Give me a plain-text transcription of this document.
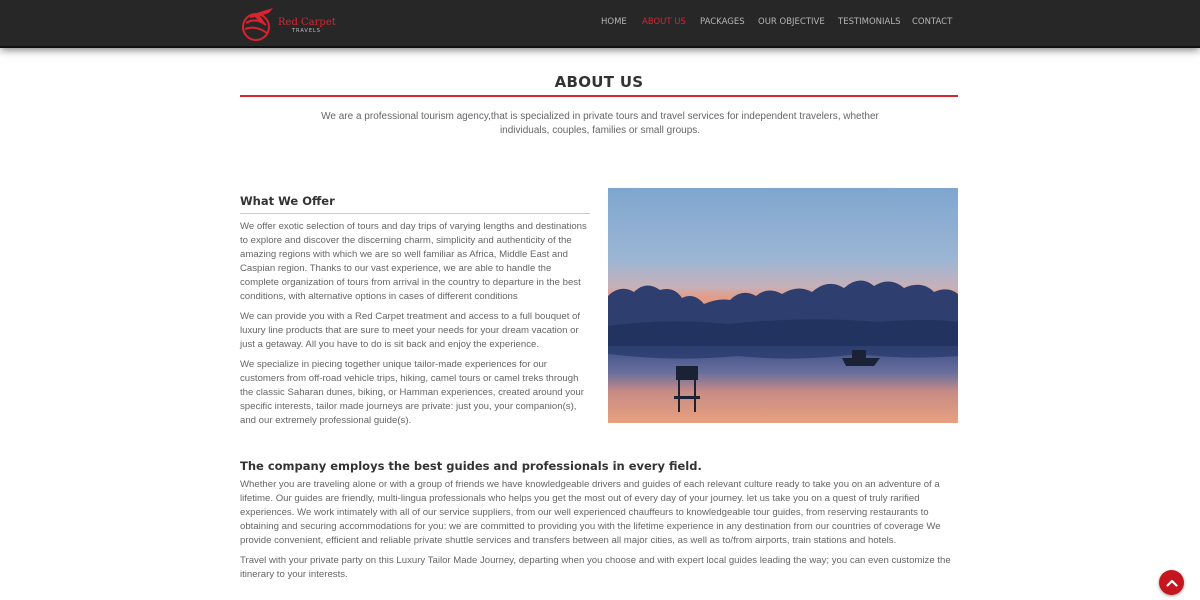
Red Carpet
TRAVELS
HOME ABOUT US PACKAGES OUR OBJECTIVE TESTIMONIALS CONTACT
ABOUT US

We are a professional tourism agency,that is specialized in private tours and travel services for independent travelers, whether individuals, couples, families or small groups.

What We Offer

We offer exotic selection of tours and day trips of varying lengths and destinations to explore and discover the discerning charm, simplicity and authenticity of the amazing regions with which we are so well familiar as Africa, Middle East and Caspian region. Thanks to our vast experience, we are able to handle the complete organization of tours from arrival in the country to departure in the best conditions, with alternative options in cases of different conditions

We can provide you with a Red Carpet treatment and access to a full bouquet of luxury line products that are sure to meet your needs for your dream vacation or just a getaway. All you have to do is sit back and enjoy the experience.

We specialize in piecing together unique tailor-made experiences for our customers from off-road vehicle trips, hiking, camel tours or camel treks through the classic Saharan dunes, biking, or Hamman experiences, created around your specific interests, tailor made journeys are private: just you, your companion(s), and our extremely professional guide(s).

The company employs the best guides and professionals in every field.

Whether you are traveling alone or with a group of friends we have knowledgeable drivers and guides of each relevant culture ready to take you on an adventure of a lifetime. Our guides are friendly, multi-lingua professionals who helps you get the most out of every day of your journey. let us take you on a quest of truly rarified experiences. We work intimately with all of our service suppliers, from our well experienced chauffeurs to knowledgeable tour guides, from reserving restaurants to obtaining and securing accommodations for you: we are committed to providing you with the lifetime experience in any destination from our countries of coverage We provide convenient, efficient and reliable private shuttle services and transfers between all major cities, as well as to/from airports, train stations and hotels.

Travel with your private party on this Luxury Tailor Made Journey, departing when you choose and with expert local guides leading the way; you can even customize the itinerary to your interests.
